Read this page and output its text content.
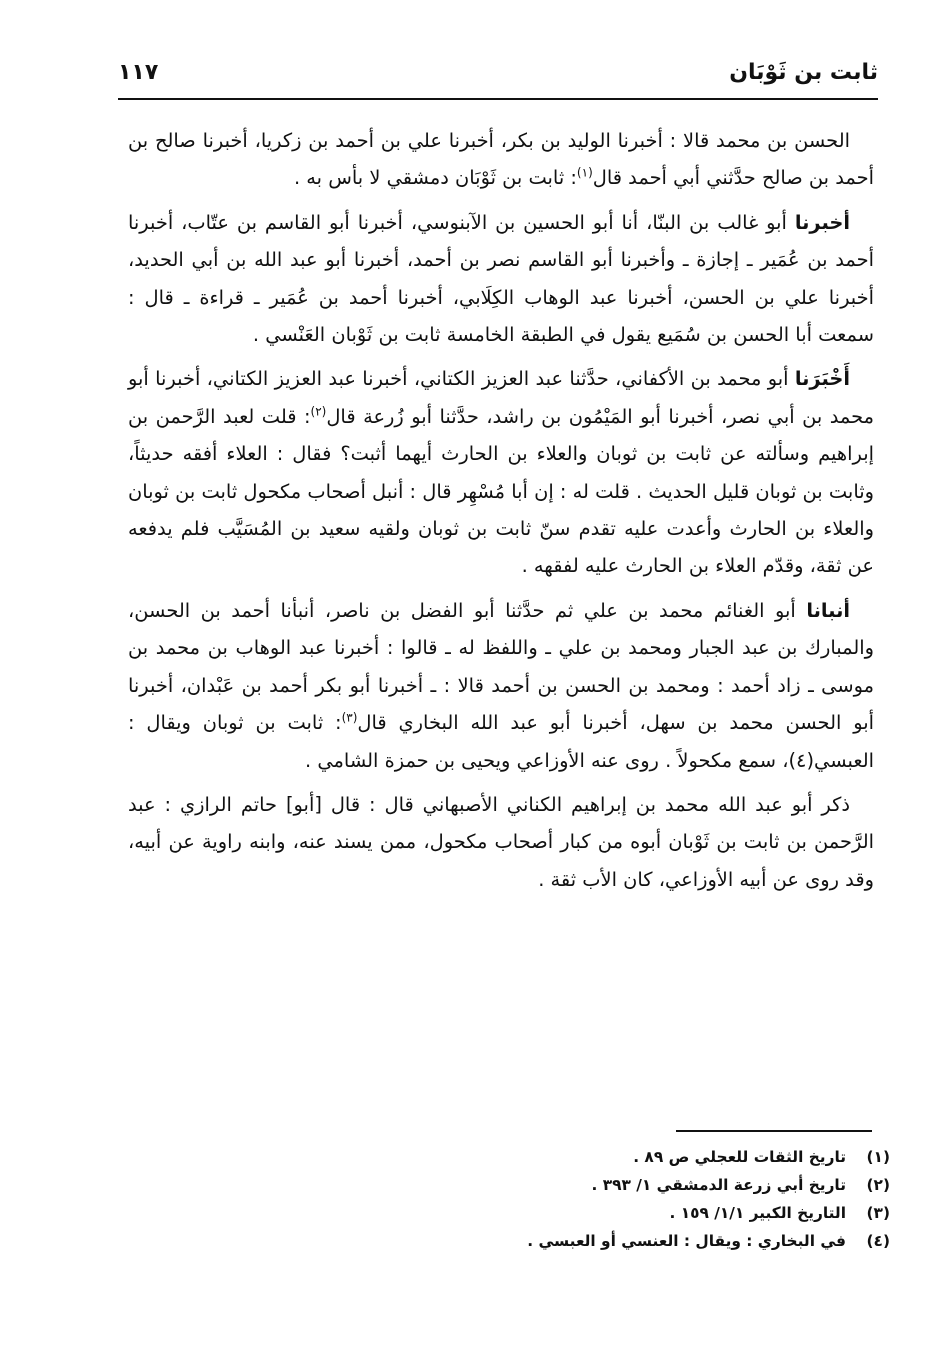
ثابت بن ثَوْبَان
١١٧

الحسن بن محمد قالا : أخبرنا الوليد بن بكر، أخبرنا علي بن أحمد بن زكريا، أخبرنا صالح بن أحمد بن صالح حدَّثني أبي أحمد قال$^{(١)}$: ثابت بن ثَوْبَان دمشقي لا بأس به .

أخبرنا أبو غالب بن البنّا، أنا أبو الحسين بن الآبنوسي، أخبرنا أبو القاسم بن عتّاب، أخبرنا أحمد بن عُمَير ـ إجازة ـ وأخبرنا أبو القاسم نصر بن أحمد، أخبرنا أبو عبد الله بن أبي الحديد، أخبرنا علي بن الحسن، أخبرنا عبد الوهاب الكِلَابي، أخبرنا أحمد بن عُمَير ـ قراءة ـ قال : سمعت أبا الحسن بن سُمَيع يقول في الطبقة الخامسة ثابت بن ثَوْبان العَنْسي .

أَخْبَرَنا أبو محمد بن الأكفاني، حدَّثنا عبد العزيز الكتاني، أخبرنا عبد العزيز الكتاني، أخبرنا أبو محمد بن أبي نصر، أخبرنا أبو المَيْمُون بن راشد، حدَّثنا أبو زُرعة قال$^{(٢)}$: قلت لعبد الرَّحمن بن إبراهيم وسألته عن ثابت بن ثوبان والعلاء بن الحارث أيهما أثبت؟ فقال : العلاء أفقه حديثاً، وثابت بن ثوبان قليل الحديث . قلت له : إن أبا مُسْهِر قال : أنبل أصحاب مكحول ثابت بن ثوبان والعلاء بن الحارث وأعدت عليه تقدم سنّ ثابت بن ثوبان ولقيه سعيد بن المُسَيَّب فلم يدفعه عن ثقة، وقدّم العلاء بن الحارث عليه لفقهه .

أنبانا أبو الغنائم محمد بن علي ثم حدَّثنا أبو الفضل بن ناصر، أنبأنا أحمد بن الحسن، والمبارك بن عبد الجبار ومحمد بن علي ـ واللفظ له ـ قالوا : أخبرنا عبد الوهاب بن محمد بن موسى ـ زاد أحمد : ومحمد بن الحسن بن أحمد قالا : ـ أخبرنا أبو بكر أحمد بن عَبْدان، أخبرنا أبو الحسن محمد بن سهل، أخبرنا أبو عبد الله البخاري قال$^{(٣)}$: ثابت بن ثوبان ويقال : العبسي(٤)، سمع مكحولاً . روى عنه الأوزاعي ويحيى بن حمزة الشامي .

ذكر أبو عبد الله محمد بن إبراهيم الكناني الأصبهاني قال : قال [أبو] حاتم الرازي : عبد الرَّحمن بن ثابت بن ثَوْبان أبوه من كبار أصحاب مكحول، ممن يسند عنه، وابنه راوية عن أبيه، وقد روى عن أبيه الأوزاعي، كان الأب ثقة .

(١)
تاريخ الثقات للعجلي ص ٨٩ .
(٢)
تاريخ أبي زرعة الدمشقي ١/ ٣٩٣ .
(٣)
التاريخ الكبير ١/١/ ١٥٩ .
(٤)
في البخاري : ويقال : العنسي أو العبسي .
